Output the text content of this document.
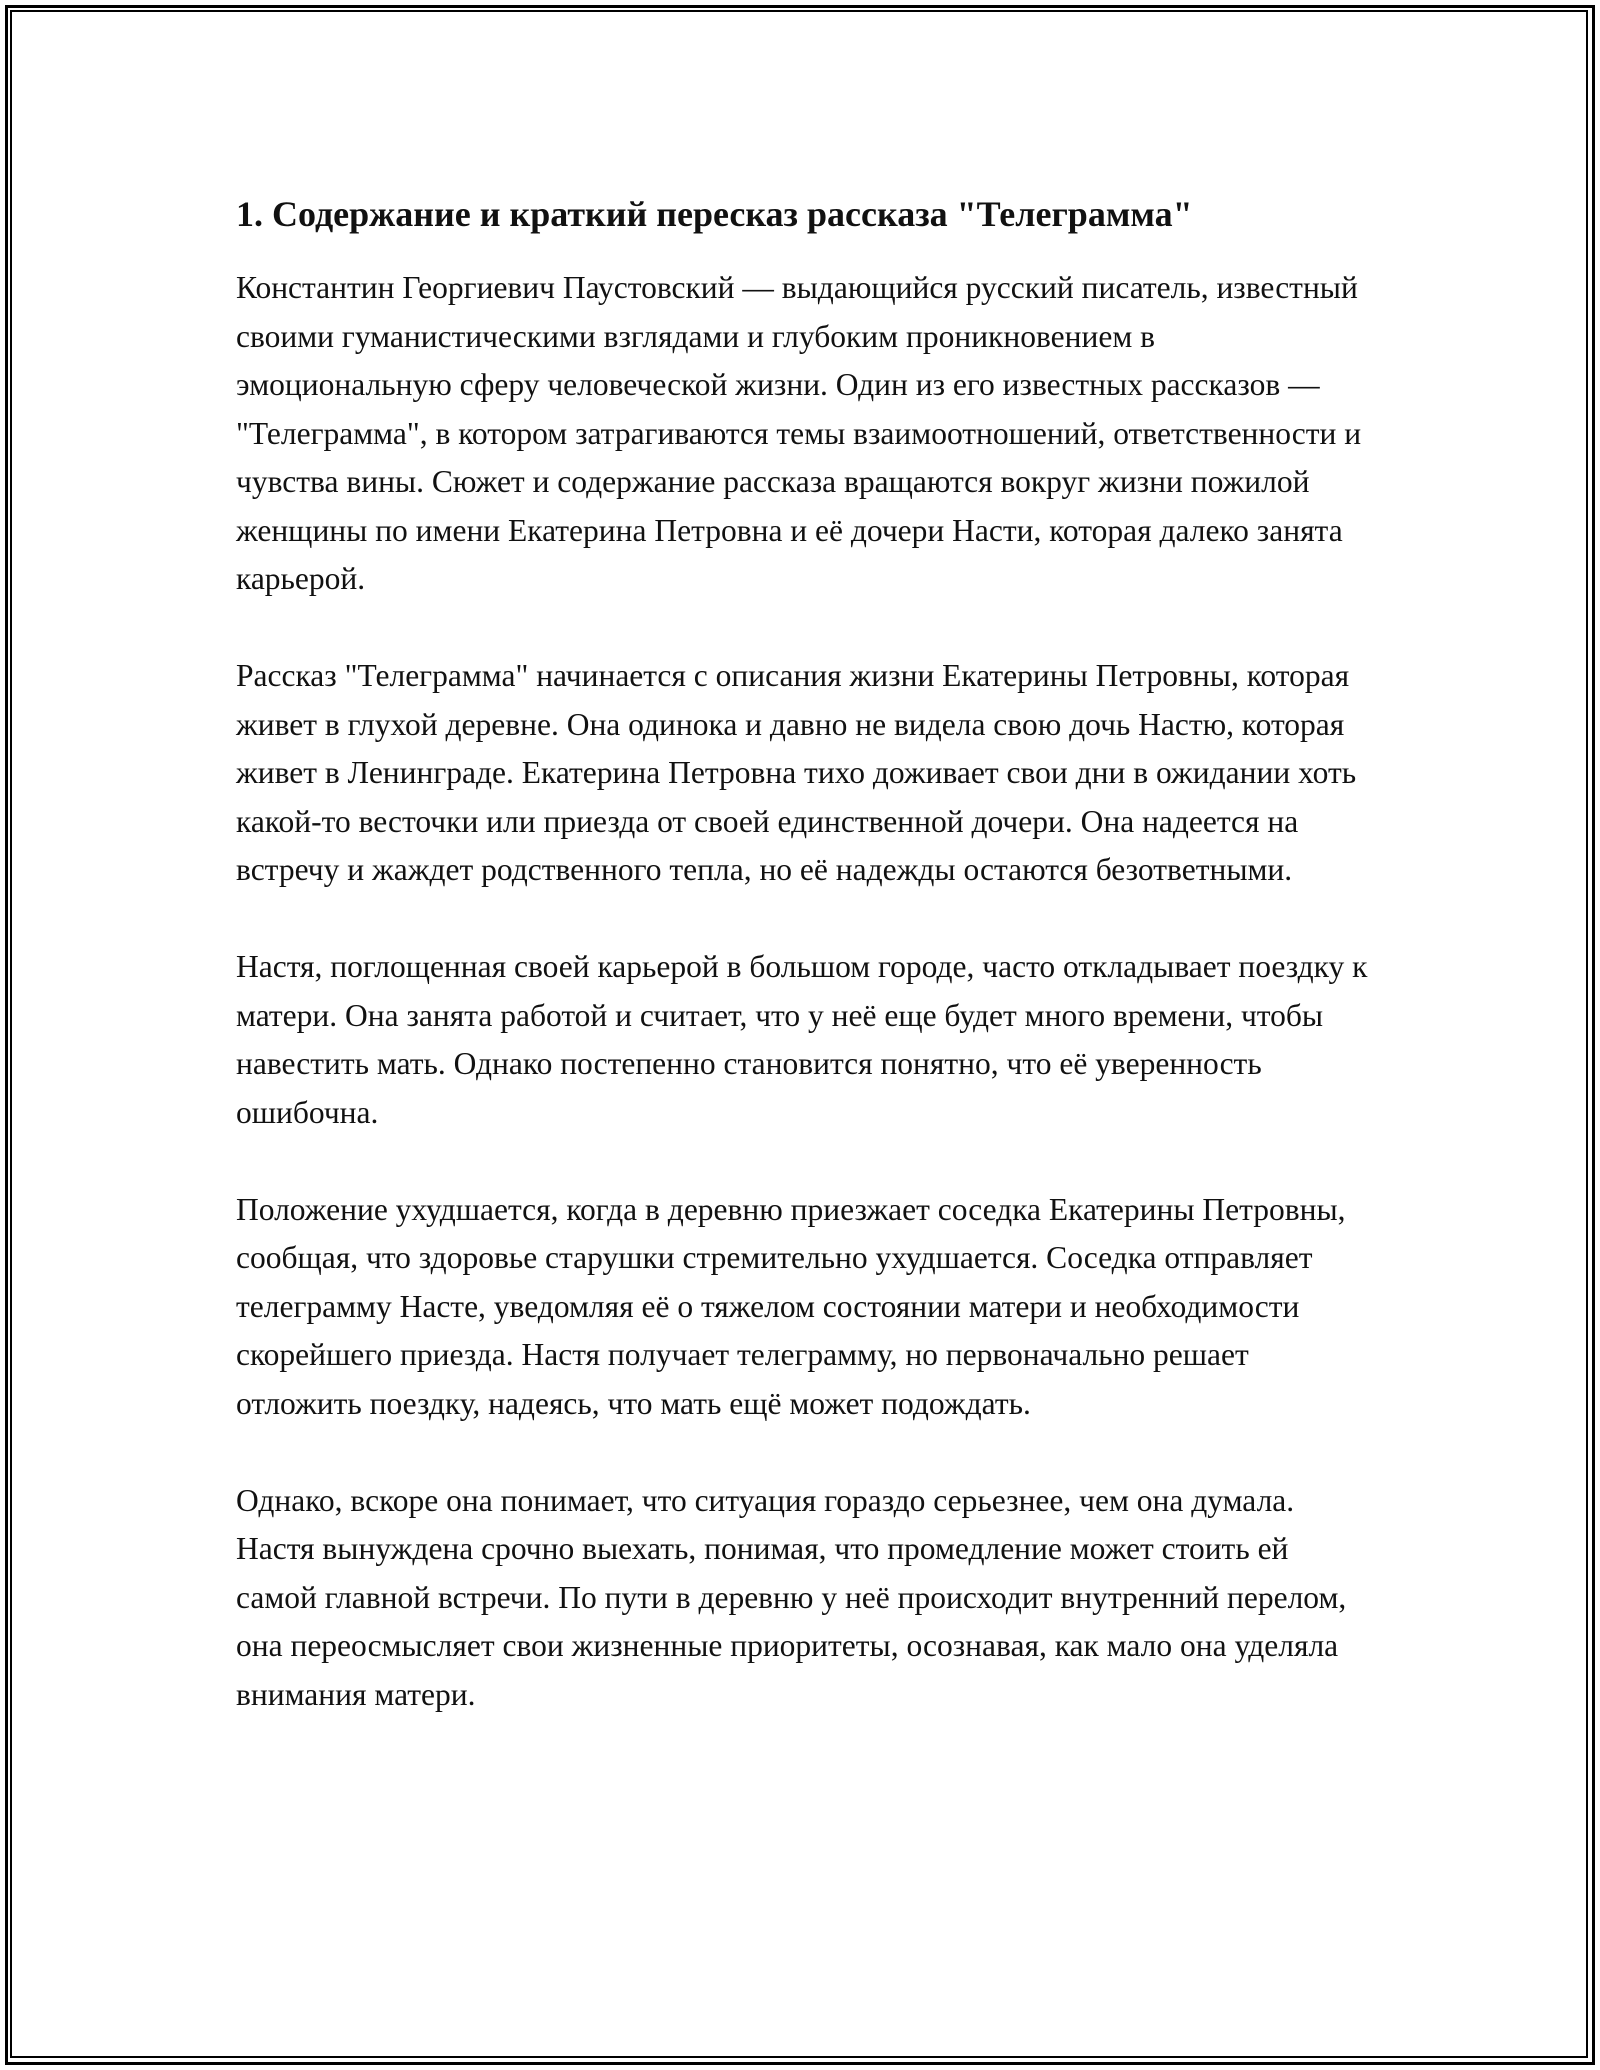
1. Содержание и краткий пересказ рассказа "Телеграмма"

Константин Георгиевич Паустовский — выдающийся русский писатель, известный своими гуманистическими взглядами и глубоким проникновением в эмоциональную сферу человеческой жизни. Один из его известных рассказов — "Телеграмма", в котором затрагиваются темы взаимоотношений, ответственности и чувства вины. Сюжет и содержание рассказа вращаются вокруг жизни пожилой женщины по имени Екатерина Петровна и её дочери Насти, которая далеко занята карьерой.

Рассказ "Телеграмма" начинается с описания жизни Екатерины Петровны, которая живет в глухой деревне. Она одинока и давно не видела свою дочь Настю, которая живет в Ленинграде. Екатерина Петровна тихо доживает свои дни в ожидании хоть какой-то весточки или приезда от своей единственной дочери. Она надеется на встречу и жаждет родственного тепла, но её надежды остаются безответными.

Настя, поглощенная своей карьерой в большом городе, часто откладывает поездку к матери. Она занята работой и считает, что у неё еще будет много времени, чтобы навестить мать. Однако постепенно становится понятно, что её уверенность ошибочна.

Положение ухудшается, когда в деревню приезжает соседка Екатерины Петровны, сообщая, что здоровье старушки стремительно ухудшается. Соседка отправляет телеграмму Насте, уведомляя её о тяжелом состоянии матери и необходимости скорейшего приезда. Настя получает телеграмму, но первоначально решает отложить поездку, надеясь, что мать ещё может подождать.

Однако, вскоре она понимает, что ситуация гораздо серьезнее, чем она думала. Настя вынуждена срочно выехать, понимая, что промедление может стоить ей самой главной встречи. По пути в деревню у неё происходит внутренний перелом, она переосмысляет свои жизненные приоритеты, осознавая, как мало она уделяла внимания матери.
